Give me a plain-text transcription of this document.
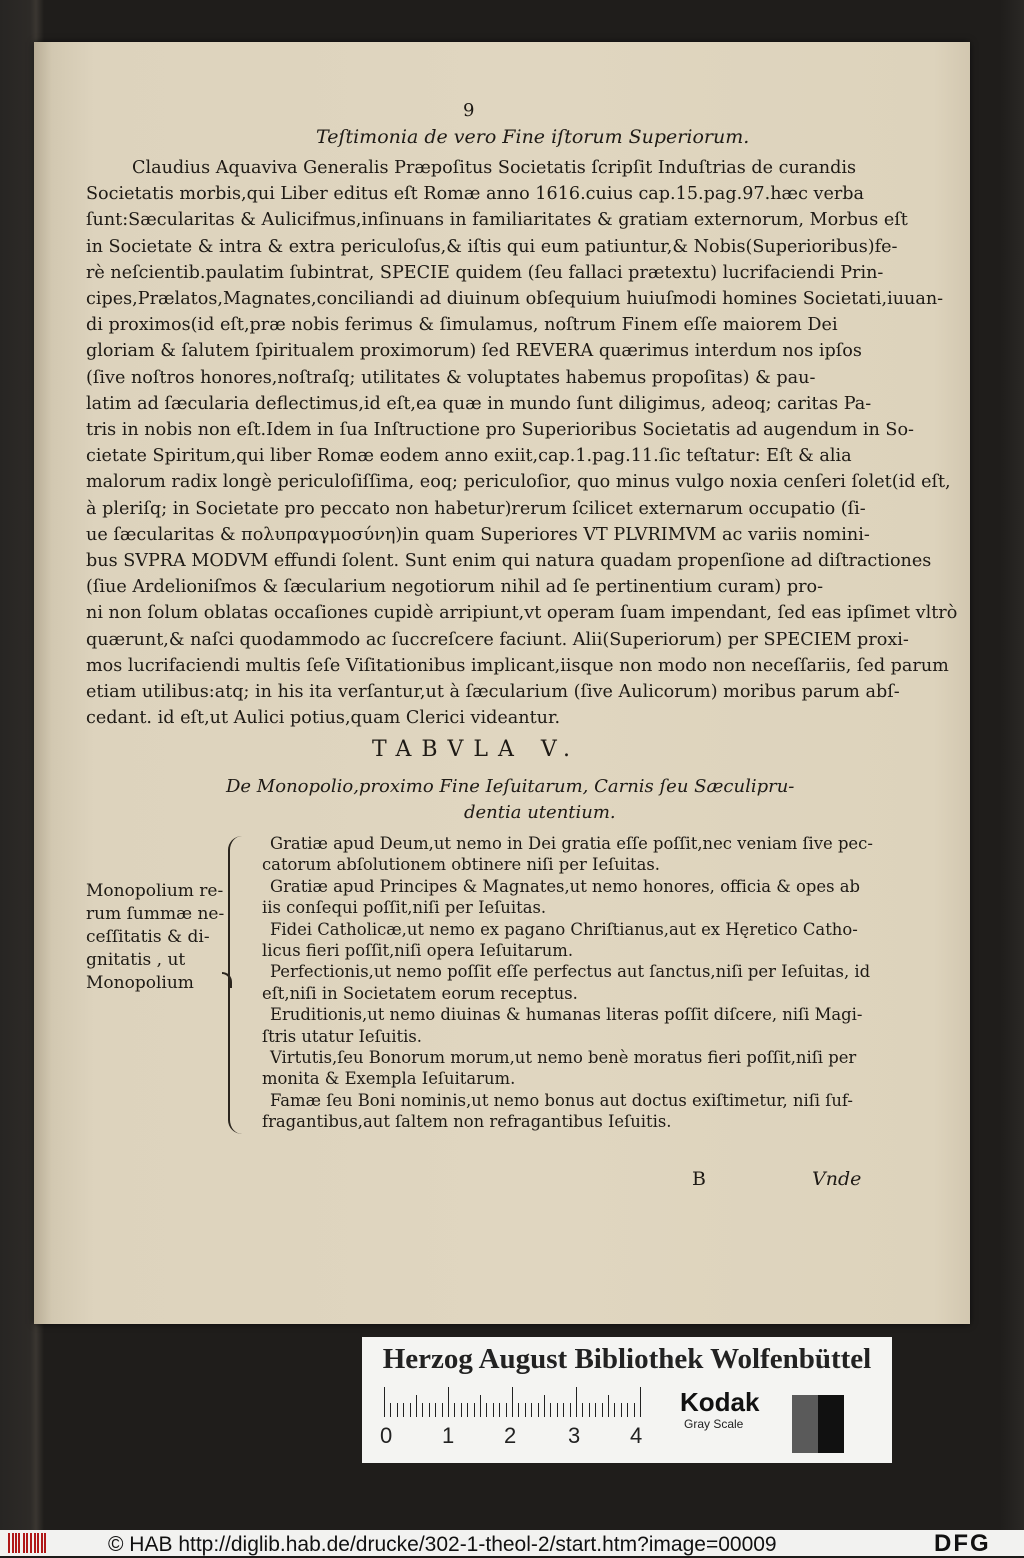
9
Teſtimonia de vero Fine iſtorum Superiorum.
Claudius Aquaviva Generalis Præpoſitus Societatis ſcripſit Induſtrias de curandis
Societatis morbis,qui Liber editus eſt Romæ anno 1616.cuius cap.15.pag.97.hæc verba
ſunt:Sæcularitas & Aulicifmus,inſinuans in familiaritates & gratiam externorum, Morbus eſt
in Societate & intra & extra periculoſus,& iſtis qui eum patiuntur,& Nobis(Superioribus)fe-
rè neſcientib.paulatim ſubintrat, SPECIE quidem (ſeu fallaci prætextu) lucrifaciendi Prin-
cipes,Prælatos,Magnates,conciliandi ad diuinum obſequium huiuſmodi homines Societati,iuuan-
di proximos(id eſt,præ nobis ferimus & ſimulamus, noſtrum Finem eſſe maiorem Dei
gloriam & ſalutem ſpiritualem proximorum) ſed REVERA quærimus interdum nos ipſos
(ſive noſtros honores,noſtraſq; utilitates & voluptates habemus propoſitas) & pau-
latim ad ſæcularia deflectimus,id eſt,ea quæ in mundo ſunt diligimus, adeoq; caritas Pa-
tris in nobis non eſt.Idem in ſua Inſtructione pro Superioribus Societatis ad augendum in So-
cietate Spiritum,qui liber Romæ eodem anno exiit,cap.1.pag.11.ſic teſtatur: Eſt & alia
malorum radix longè periculoſiſſima, eoq; periculoſior, quo minus vulgo noxia cenſeri ſolet(id eſt,
à pleriſq; in Societate pro peccato non habetur)rerum ſcilicet externarum occupatio (ſi-
ue ſæcularitas & πολυπραγμοσύνη)in quam Superiores VT PLVRIMVM ac variis nomini-
bus SVPRA MODVM effundi ſolent. Sunt enim qui natura quadam propenſione ad diſtractiones
(ſiue Ardelioniſmos & ſæcularium negotiorum nihil ad ſe pertinentium curam) pro-
ni non ſolum oblatas occaſiones cupidè arripiunt,vt operam ſuam impendant, ſed eas ipſimet vltrò
quærunt,& naſci quodammodo ac ſuccreſcere faciunt. Alii(Superiorum) per SPECIEM proxi-
mos lucrifaciendi multis ſeſe Viſitationibus implicant,iisque non modo non neceſſariis, ſed parum
etiam utilibus:atq; in his ita verſantur,ut à ſæcularium (ſive Aulicorum) moribus parum abſ-
cedant. id eſt,ut Aulici potius,quam Clerici videantur.
TABVLA V.
De Monopolio,proximo Fine Ieſuitarum, Carnis ſeu Sæculipru-
dentia utentium.
Monopolium re-
rum ſummæ ne-
ceſſitatis & di-
gnitatis , ut
Monopolium
Gratiæ apud Deum,ut nemo in Dei gratia eſſe poſſit,nec veniam ſive pec-
catorum abſolutionem obtinere niſi per Ieſuitas.
Gratiæ apud Principes & Magnates,ut nemo honores, officia & opes ab
iis conſequi poſſit,niſi per Ieſuitas.
Fidei Catholicæ,ut nemo ex pagano Chriſtianus,aut ex Hęretico Catho-
licus fieri poſſit,niſi opera Ieſuitarum.
Perfectionis,ut nemo poſſit eſſe perfectus aut ſanctus,niſi per Ieſuitas, id
eſt,niſi in Societatem eorum receptus.
Eruditionis,ut nemo diuinas & humanas literas poſſit diſcere, niſi Magi-
ſtris utatur Ieſuitis.
Virtutis,ſeu Bonorum morum,ut nemo benè moratus fieri poſſit,niſi per
monita & Exempla Ieſuitarum.
Famæ ſeu Boni nominis,ut nemo bonus aut doctus exiſtimetur, niſi ſuf-
fragantibus,aut ſaltem non refragantibus Ieſuitis.
B	Vnde
Herzog August Bibliothek Wolfenbüttel
0 1 2 3 4
Kodak
Gray Scale
© HAB http://diglib.hab.de/drucke/302-1-theol-2/start.htm?image=00009	DFG
